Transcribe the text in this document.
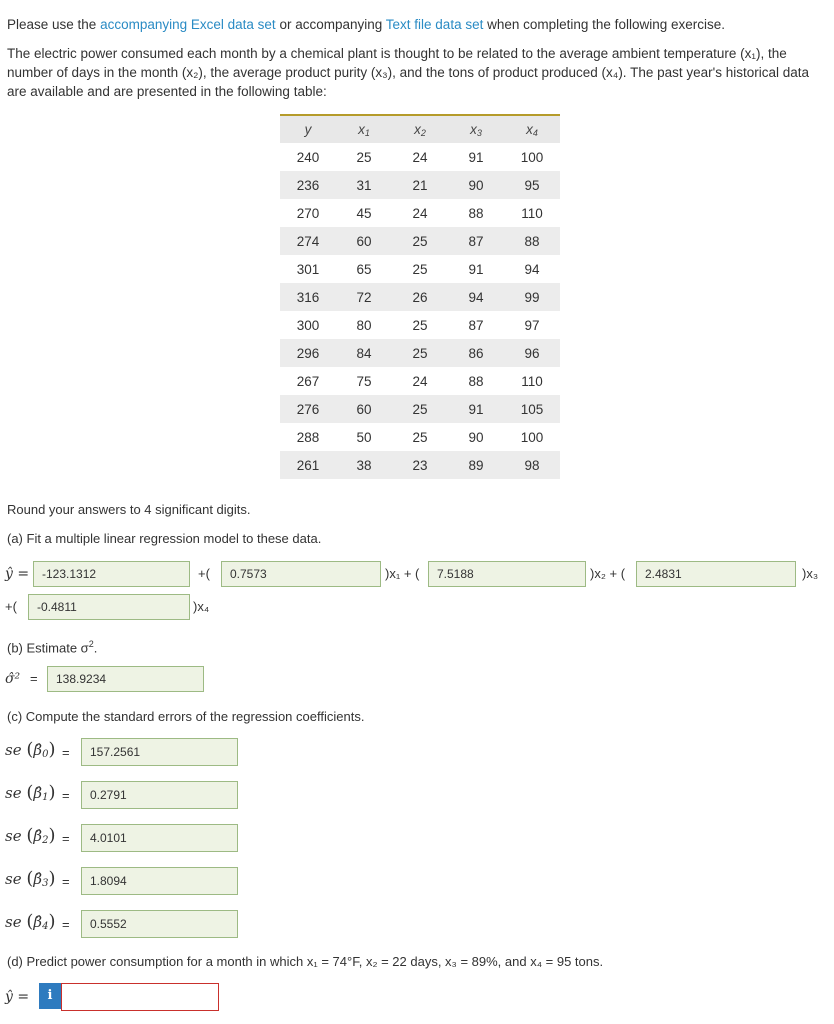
Please use the accompanying Excel data set or accompanying Text file data set when completing the following exercise.

The electric power consumed each month by a chemical plant is thought to be related to the average ambient temperature (x₁), the number of days in the month (x₂), the average product purity (x₃), and the tons of product produced (x₄). The past year's historical data are available and are presented in the following table:

y	$x_1$	$x_2$	$x_3$	$x_4$
240	25	24	91	100
236	31	21	90	95
270	45	24	88	110
274	60	25	87	88
301	65	25	91	94
316	72	26	94	99
300	80	25	87	97
296	84	25	86	96
267	75	24	88	110
276	60	25	91	105
288	50	25	90	100
261	38	23	89	98
Round your answers to 4 significant digits.
(a) Fit a multiple linear regression model to these data.
ŷ =	-123.1312	+(	0.7573	)x₁ + (	7.5188	)x₂ + (	2.4831	)x₃
+(	-0.4811	)x₄
(b) Estimate $\sigma^2$.
σ̂² =	138.9234
(c) Compute the standard errors of the regression coefficients.
se $(\betâ_0)$ =	157.2561
se $(\betâ_1)$ =	0.2791
se $(\betâ_2)$ =	4.0101
se $(\betâ_3)$ =	1.8094
se $(\betâ_4)$ =	0.5552
(d) Predict power consumption for a month in which x₁ = 74°F, x₂ = 22 days, x₃ = 89%, and x₄ = 95 tons.
ŷ =	i
